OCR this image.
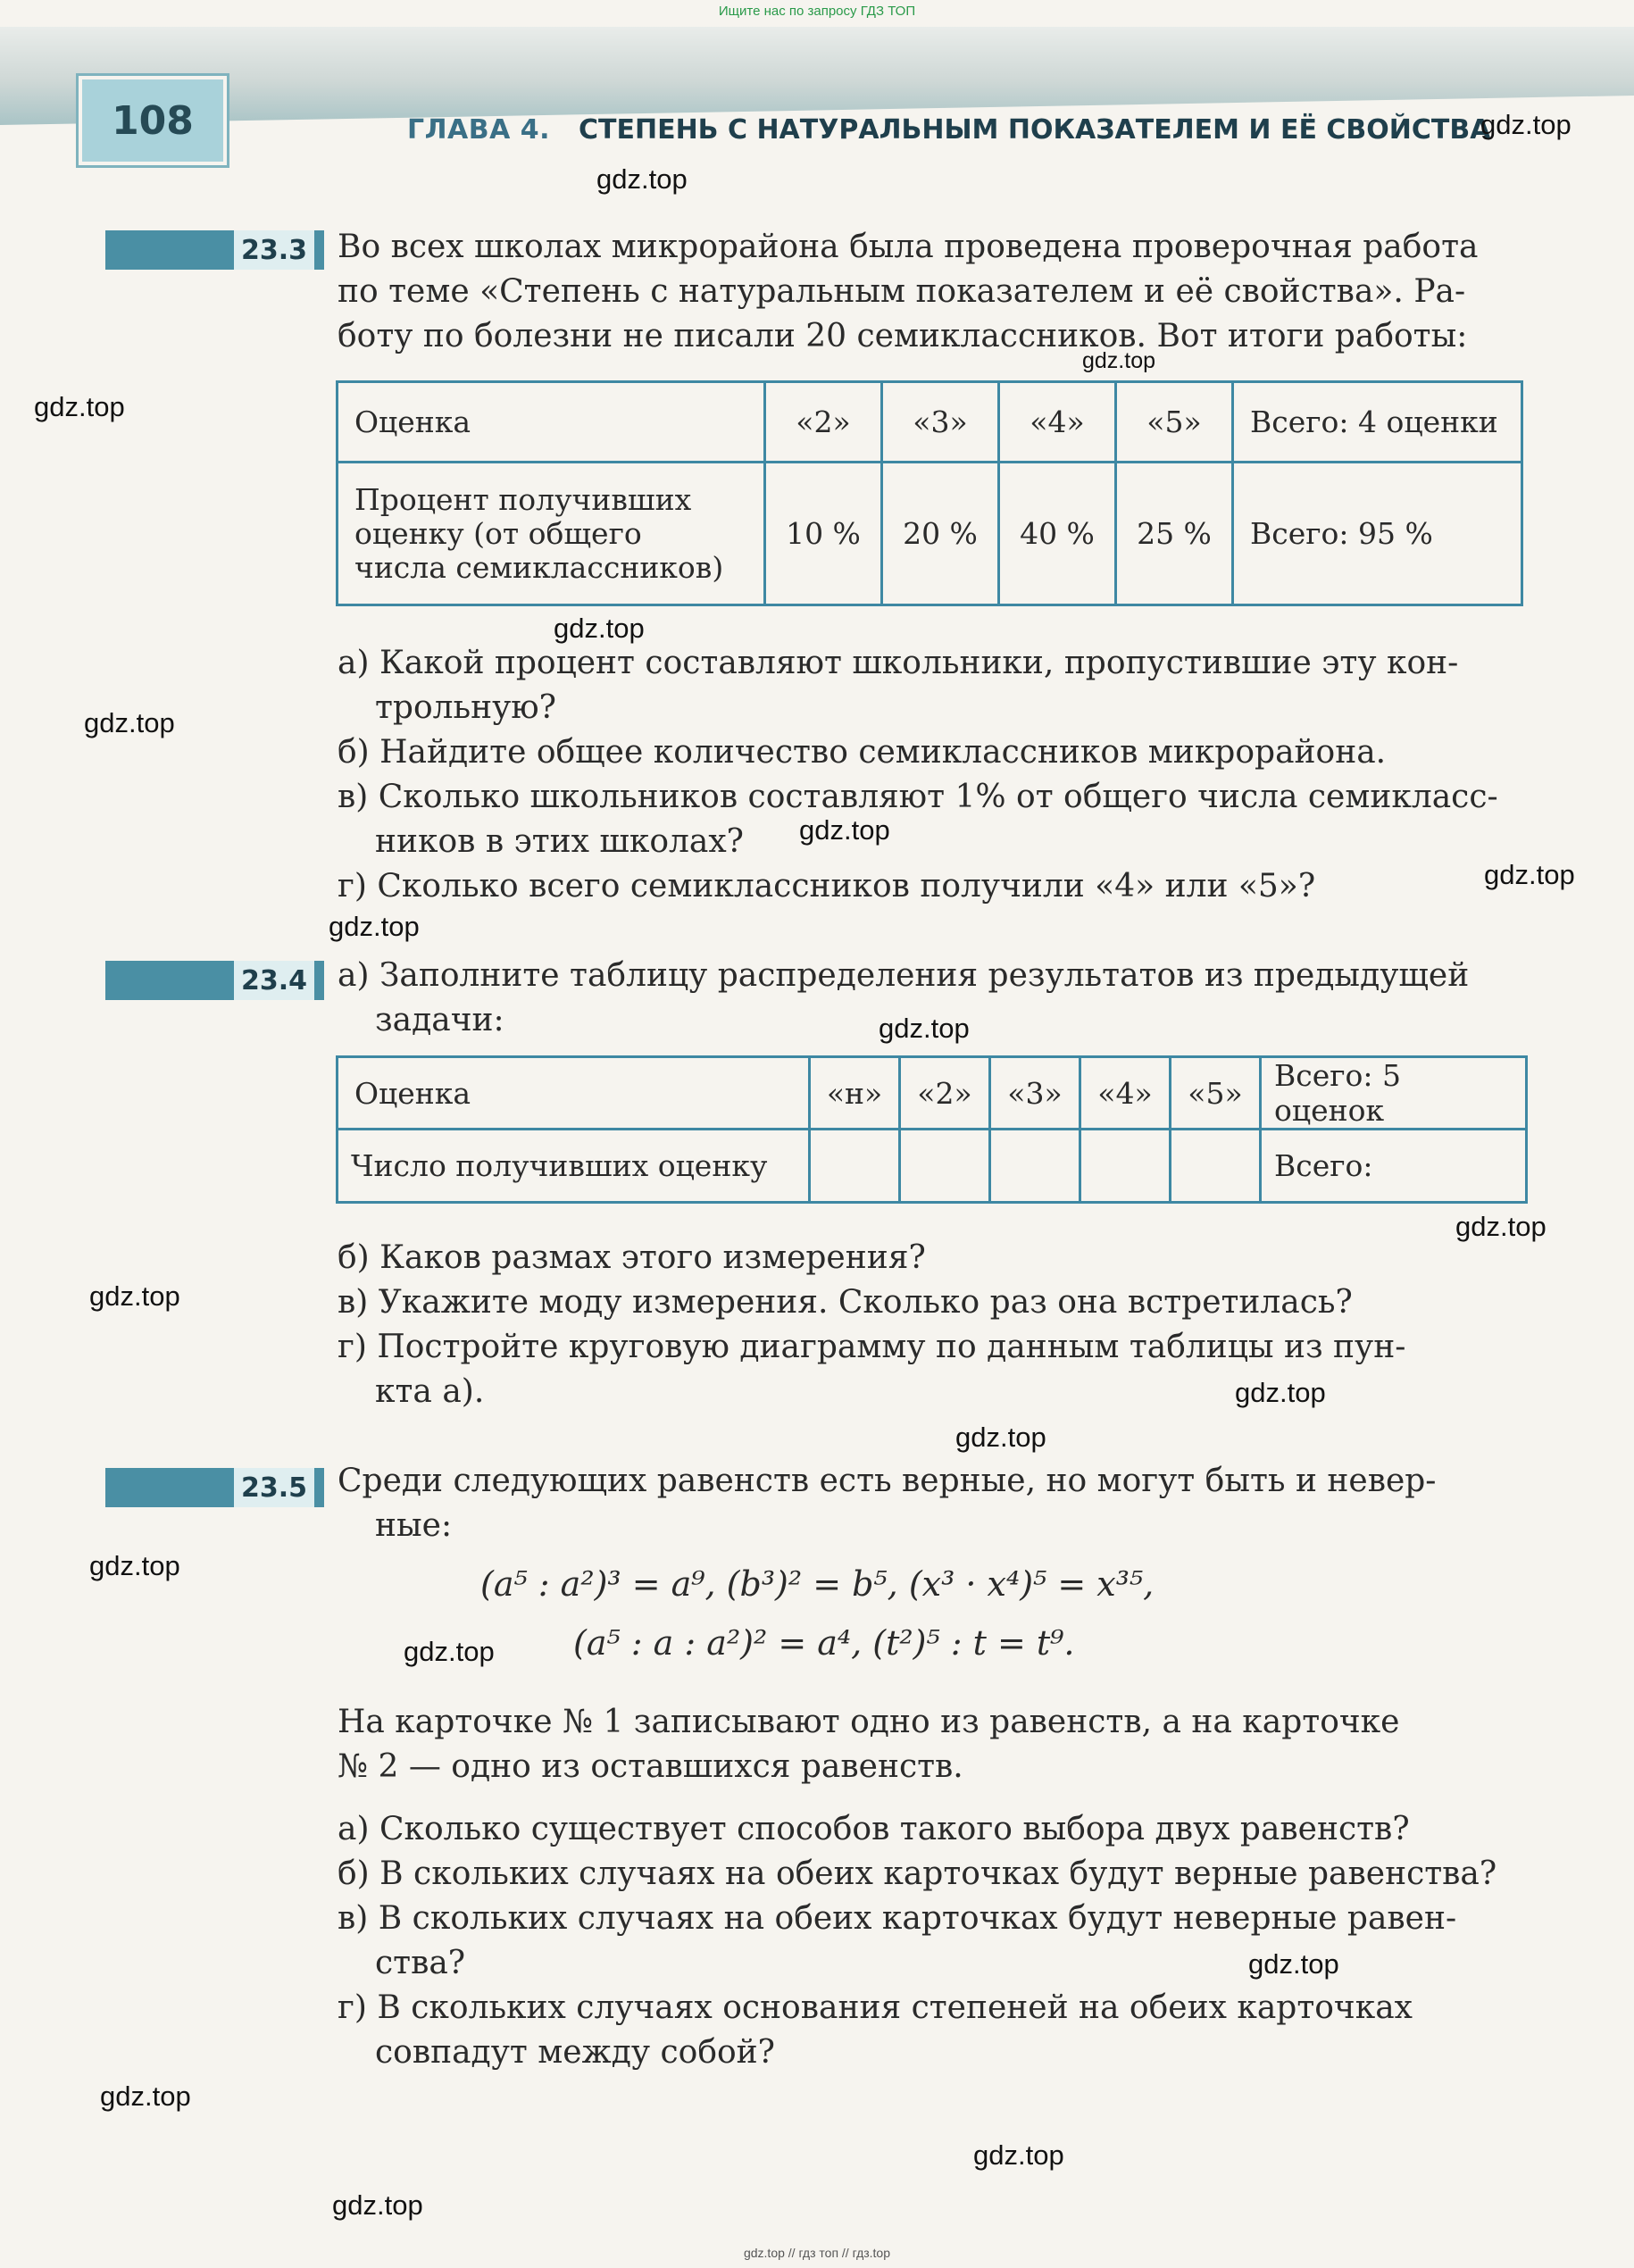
Ищите нас по запросу ГДЗ ТОП
108	ГЛАВА 4. СТЕПЕНЬ С НАТУРАЛЬНЫМ ПОКАЗАТЕЛЕМ И ЕЁ СВОЙСТВА
23.3 Во всех школах микрорайона была проведена проверочная работа
по теме «Степень с натуральным показателем и её свойства». Ра-
боту по болезни не писали 20 семиклассников. Вот итоги работы:
Оценка	«2»	«3»	«4»	«5»	Всего: 4 оценки

Процент получивших
оценку (от общего
числа семиклассников)	10 %	20 %	40 %	25 %	Всего: 95 %
а) Какой процент составляют школьники, пропустившие эту кон-
трольную?
б) Найдите общее количество семиклассников микрорайона.
в) Сколько школьников составляют 1% от общего числа семикласс-
ников в этих школах?
г) Сколько всего семиклассников получили «4» или «5»?
23.4 а) Заполните таблицу распределения результатов из предыдущей
задачи:
Оценка	«н»	«2»	«3»	«4»	«5»	Всего: 5 оценок
Число получивших оценку						Всего:
б) Каков размах этого измерения?
в) Укажите моду измерения. Сколько раз она встретилась?
г) Постройте круговую диаграмму по данным таблицы из пун-
кта а).
23.5 Среди следующих равенств есть верные, но могут быть и невер-
ные:
(a⁵ : a²)³ = a⁹, (b³)² = b⁵, (x³ · x⁴)⁵ = x³⁵,
(a⁵ : a : a²)² = a⁴, (t²)⁵ : t = t⁹.
На карточке № 1 записывают одно из равенств, а на карточке
№ 2 — одно из оставшихся равенств.
а) Сколько существует способов такого выбора двух равенств?
б) В скольких случаях на обеих карточках будут верные равенства?
в) В скольких случаях на обеих карточках будут неверные равен-
ства?
г) В скольких случаях основания степеней на обеих карточках
совпадут между собой?
gdz.top
gdz.top
gdz.top
gdz.top
gdz.top
gdz.top
gdz.top
gdz.top
gdz.top
gdz.top
gdz.top
gdz.top
gdz.top
gdz.top
gdz.top
gdz.top
gdz.top
gdz.top
gdz.top
gdz.top
gdz.top // гдз топ // гдз.top
